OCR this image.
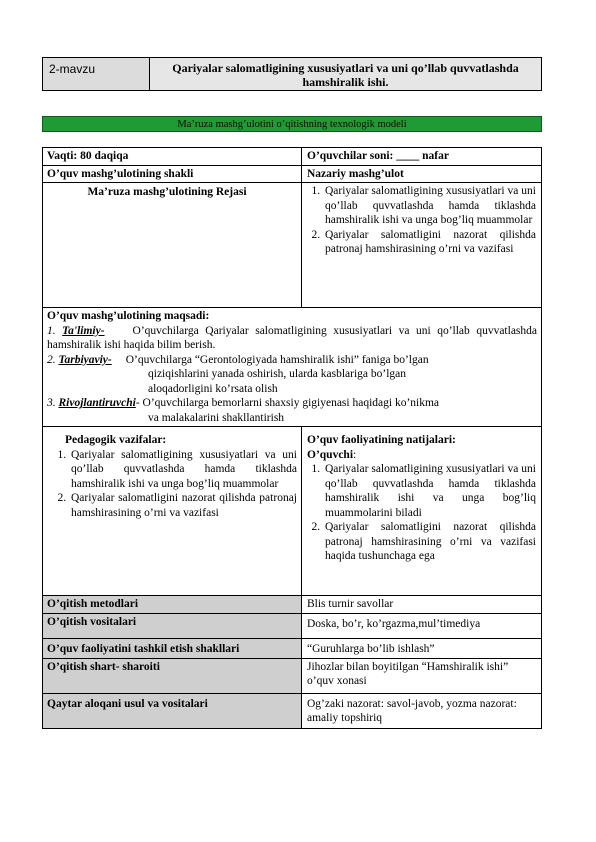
2-mavzu	Qariyalar salomatligining xususiyatlari va uni qo’llab quvvatlashda hamshiralik ishi.
Ma’ruza mashg’ulotini o’qitishning texnologik modeli
Vaqti: 80 daqiqa	O’quvchilar soni: ____ nafar
O’quv mashg’ulotining shakli	Nazariy mashg’ulot
Ma’ruza mashg’ulotining Rejasi
1.	Qariyalar salomatligining xususiyatlari va uni qo’llab quvvatlashda hamda tiklashda hamshiralik ishi va unga bog’liq muammolar
2. Qariyalar salomatligini nazorat qilishda patronaj hamshirasining o’rni va vazifasi
O’quv mashg’ulotining maqsadi:
1. Ta'limiy- O’quvchilarga Qariyalar salomatligining xususiyatlari va uni qo’llab quvvatlashda hamshiralik ishi haqida bilim berish.
2. Tarbiyaviy- O’quvchilarga “Gerontologiyada hamshiralik ishi” faniga bo’lgan
qiziqishlarini yanada oshirish, ularda kasblariga bo’lgan
aloqadorligini ko’rsata olish
3. Rivojlantiruvchi- O’quvchilarga bemorlarni shaxsiy gigiyenasi haqidagi ko’nikma
va malakalarini shakllantirish
Pedagogik vazifalar:
1. Qariyalar salomatligining xususiyatlari va uni qo’llab quvvatlashda hamda tiklashda hamshiralik ishi va unga bog’liq muammolar
2. Qariyalar salomatligini nazorat qilishda patronaj hamshirasining o’rni va vazifasi
O’quv faoliyatining natijalari:
O’quvchi:
1. Qariyalar salomatligining xususiyatlari va uni qo’llab quvvatlashda hamda tiklashda hamshiralik ishi va unga bog’liq muammolarini biladi
2. Qariyalar salomatligini nazorat qilishda patronaj hamshirasining o’rni va vazifasi haqida tushunchaga ega
O’qitish metodlari	Blis turnir savollar
O’qitish vositalari	Doska, bo’r, ko’rgazma,mul’timediya
O’quv faoliyatini tashkil etish shakllari	“Guruhlarga bo’lib ishlash”
O’qitish shart- sharoiti	Jihozlar bilan boyitilgan “Hamshiralik ishi” o’quv xonasi
Qaytar aloqani usul va vositalari	Og’zaki nazorat: savol-javob, yozma nazorat: amaliy topshiriq
